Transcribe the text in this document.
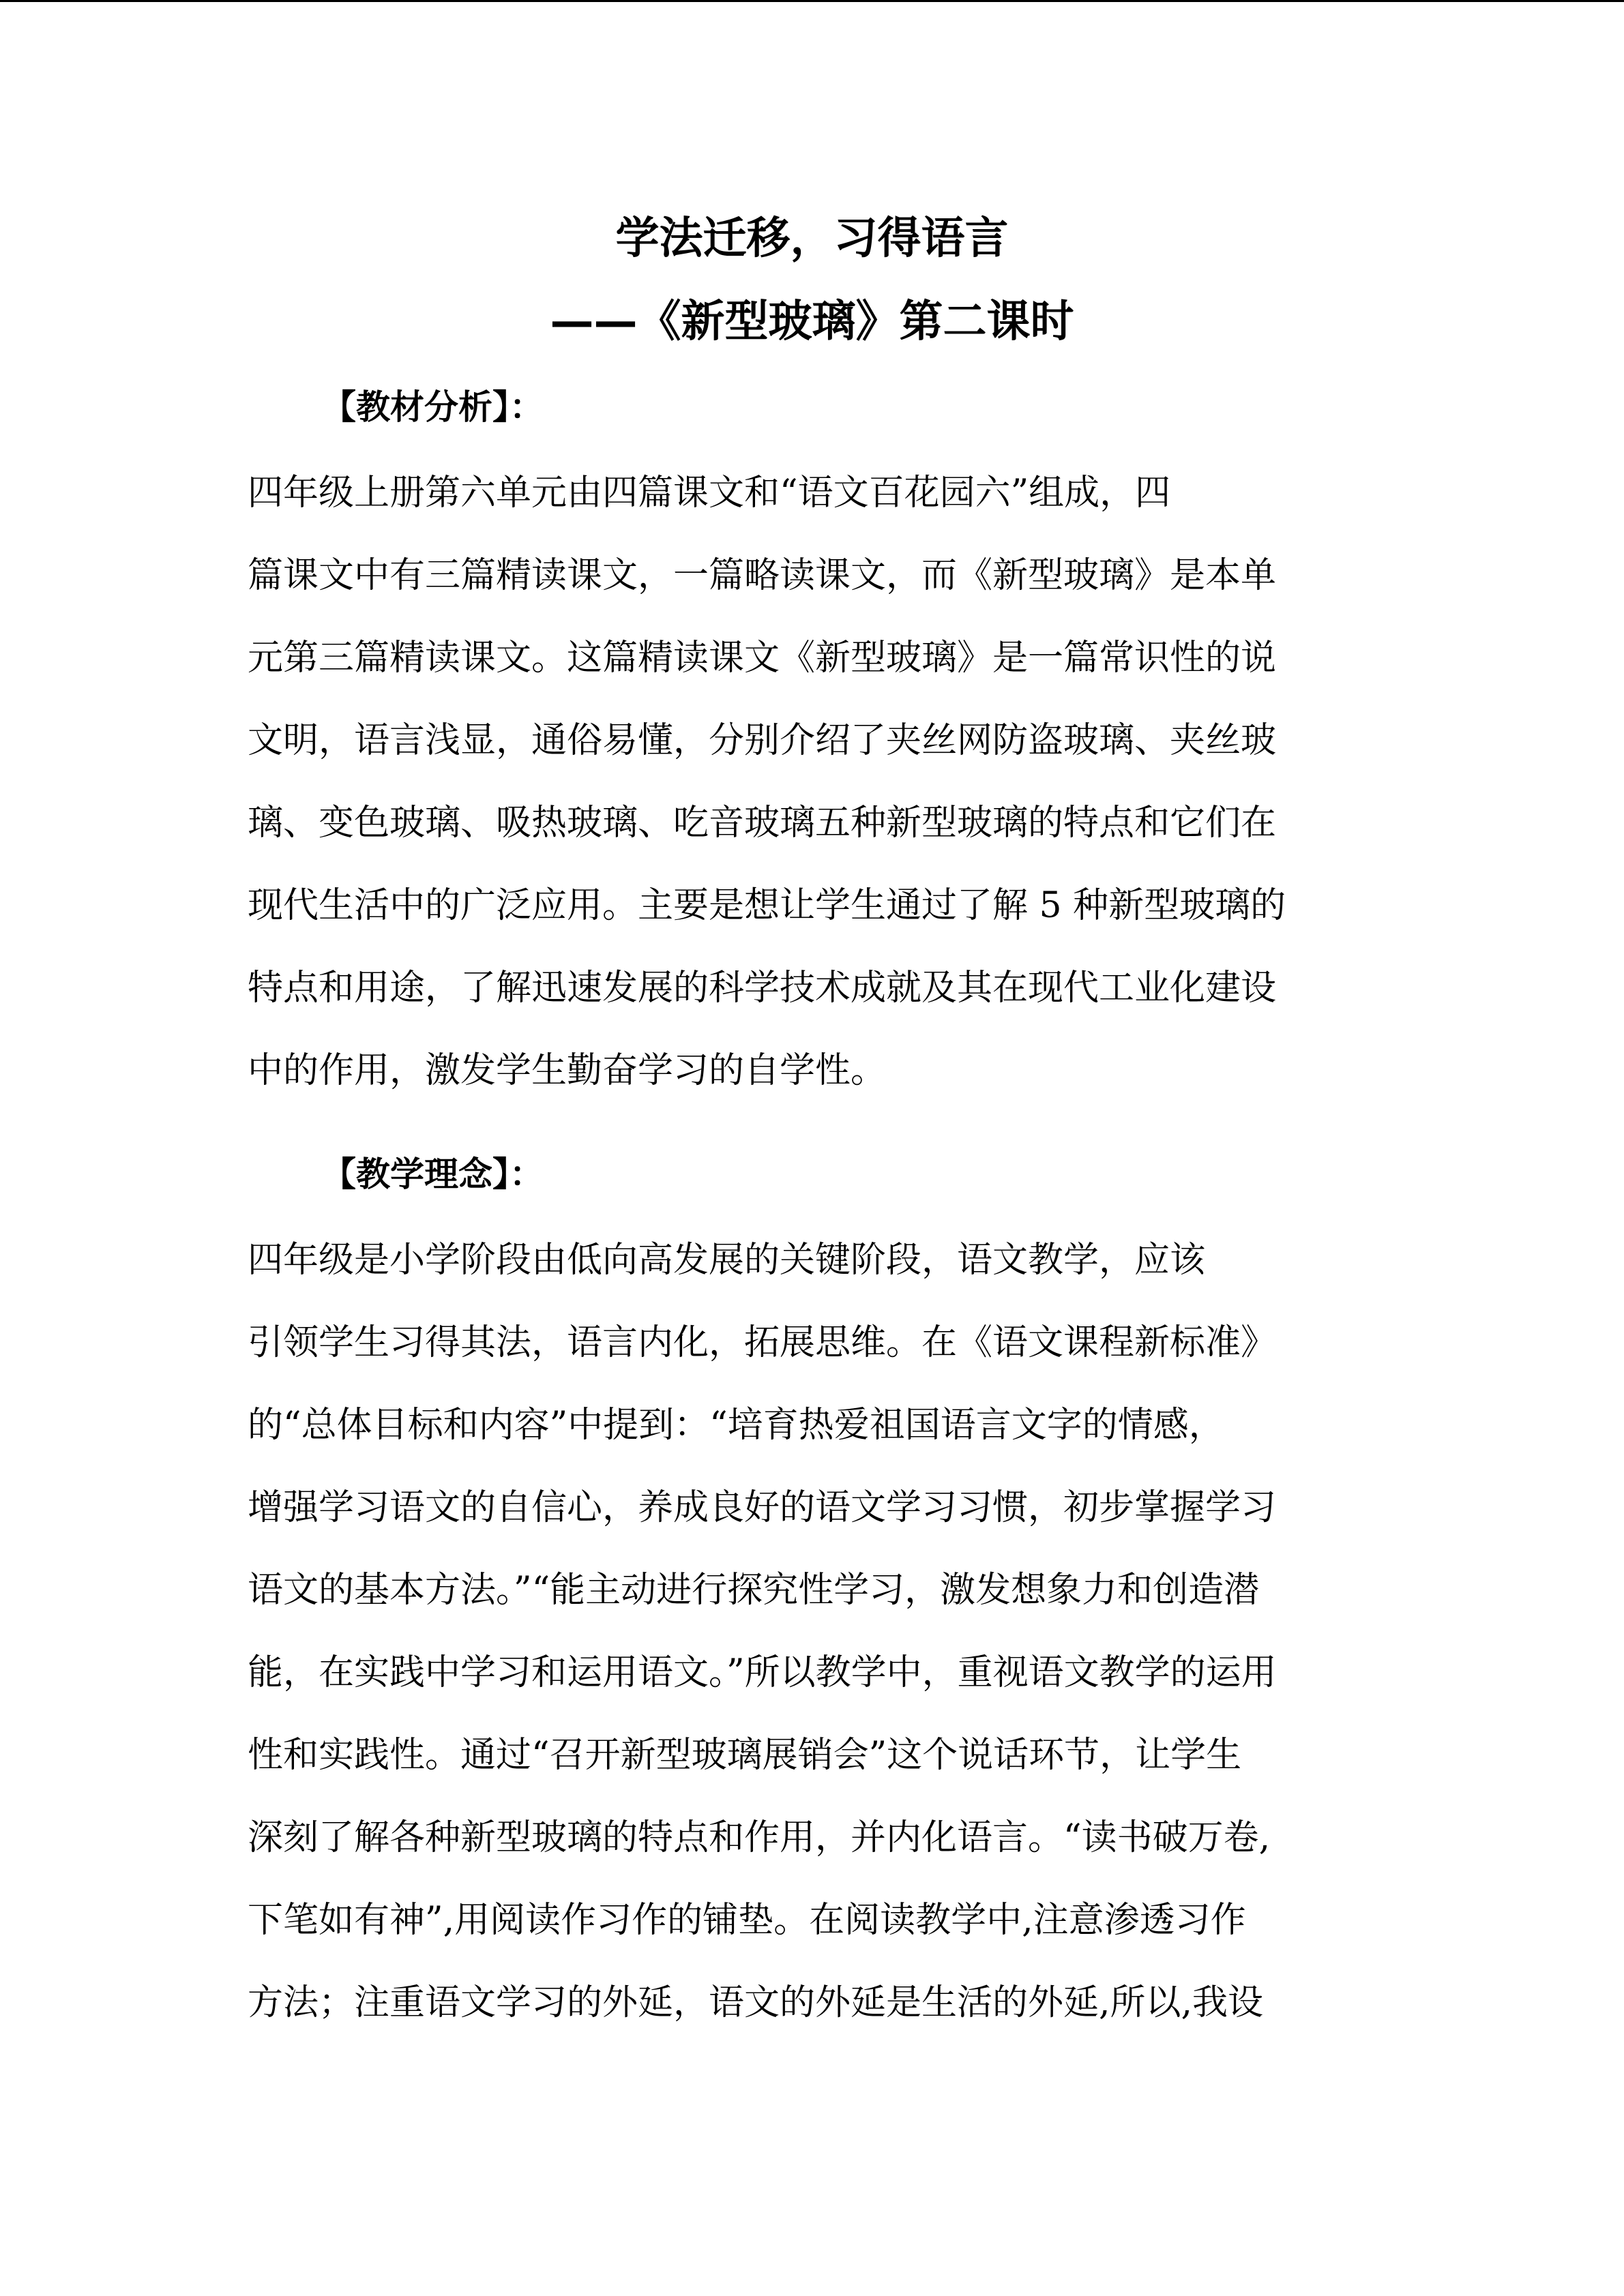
学法迁移，习得语言
——《新型玻璃》第二课时
【教材分析】：
四年级上册第六单元由四篇课文和“语文百花园六”组成，四
篇课文中有三篇精读课文，一篇略读课文，而《新型玻璃》是本单
元第三篇精读课文。这篇精读课文《新型玻璃》是一篇常识性的说
文明，语言浅显，通俗易懂，分别介绍了夹丝网防盗玻璃、夹丝玻
璃、变色玻璃、吸热玻璃、吃音玻璃五种新型玻璃的特点和它们在
现代生活中的广泛应用。主要是想让学生通过了解 5 种新型玻璃的
特点和用途，了解迅速发展的科学技术成就及其在现代工业化建设
中的作用，激发学生勤奋学习的自学性。
【教学理念】：
四年级是小学阶段由低向高发展的关键阶段，语文教学，应该
引领学生习得其法，语言内化，拓展思维。在《语文课程新标准》
的“总体目标和内容”中提到：“培育热爱祖国语言文字的情感，
增强学习语文的自信心，养成良好的语文学习习惯，初步掌握学习
语文的基本方法。”“能主动进行探究性学习，激发想象力和创造潜
能，在实践中学习和运用语文。”所以教学中，重视语文教学的运用
性和实践性。通过“召开新型玻璃展销会”这个说话环节，让学生
深刻了解各种新型玻璃的特点和作用，并内化语言。“读书破万卷,
下笔如有神”,用阅读作习作的铺垫。在阅读教学中,注意渗透习作
方法；注重语文学习的外延，语文的外延是生活的外延,所以,我设
